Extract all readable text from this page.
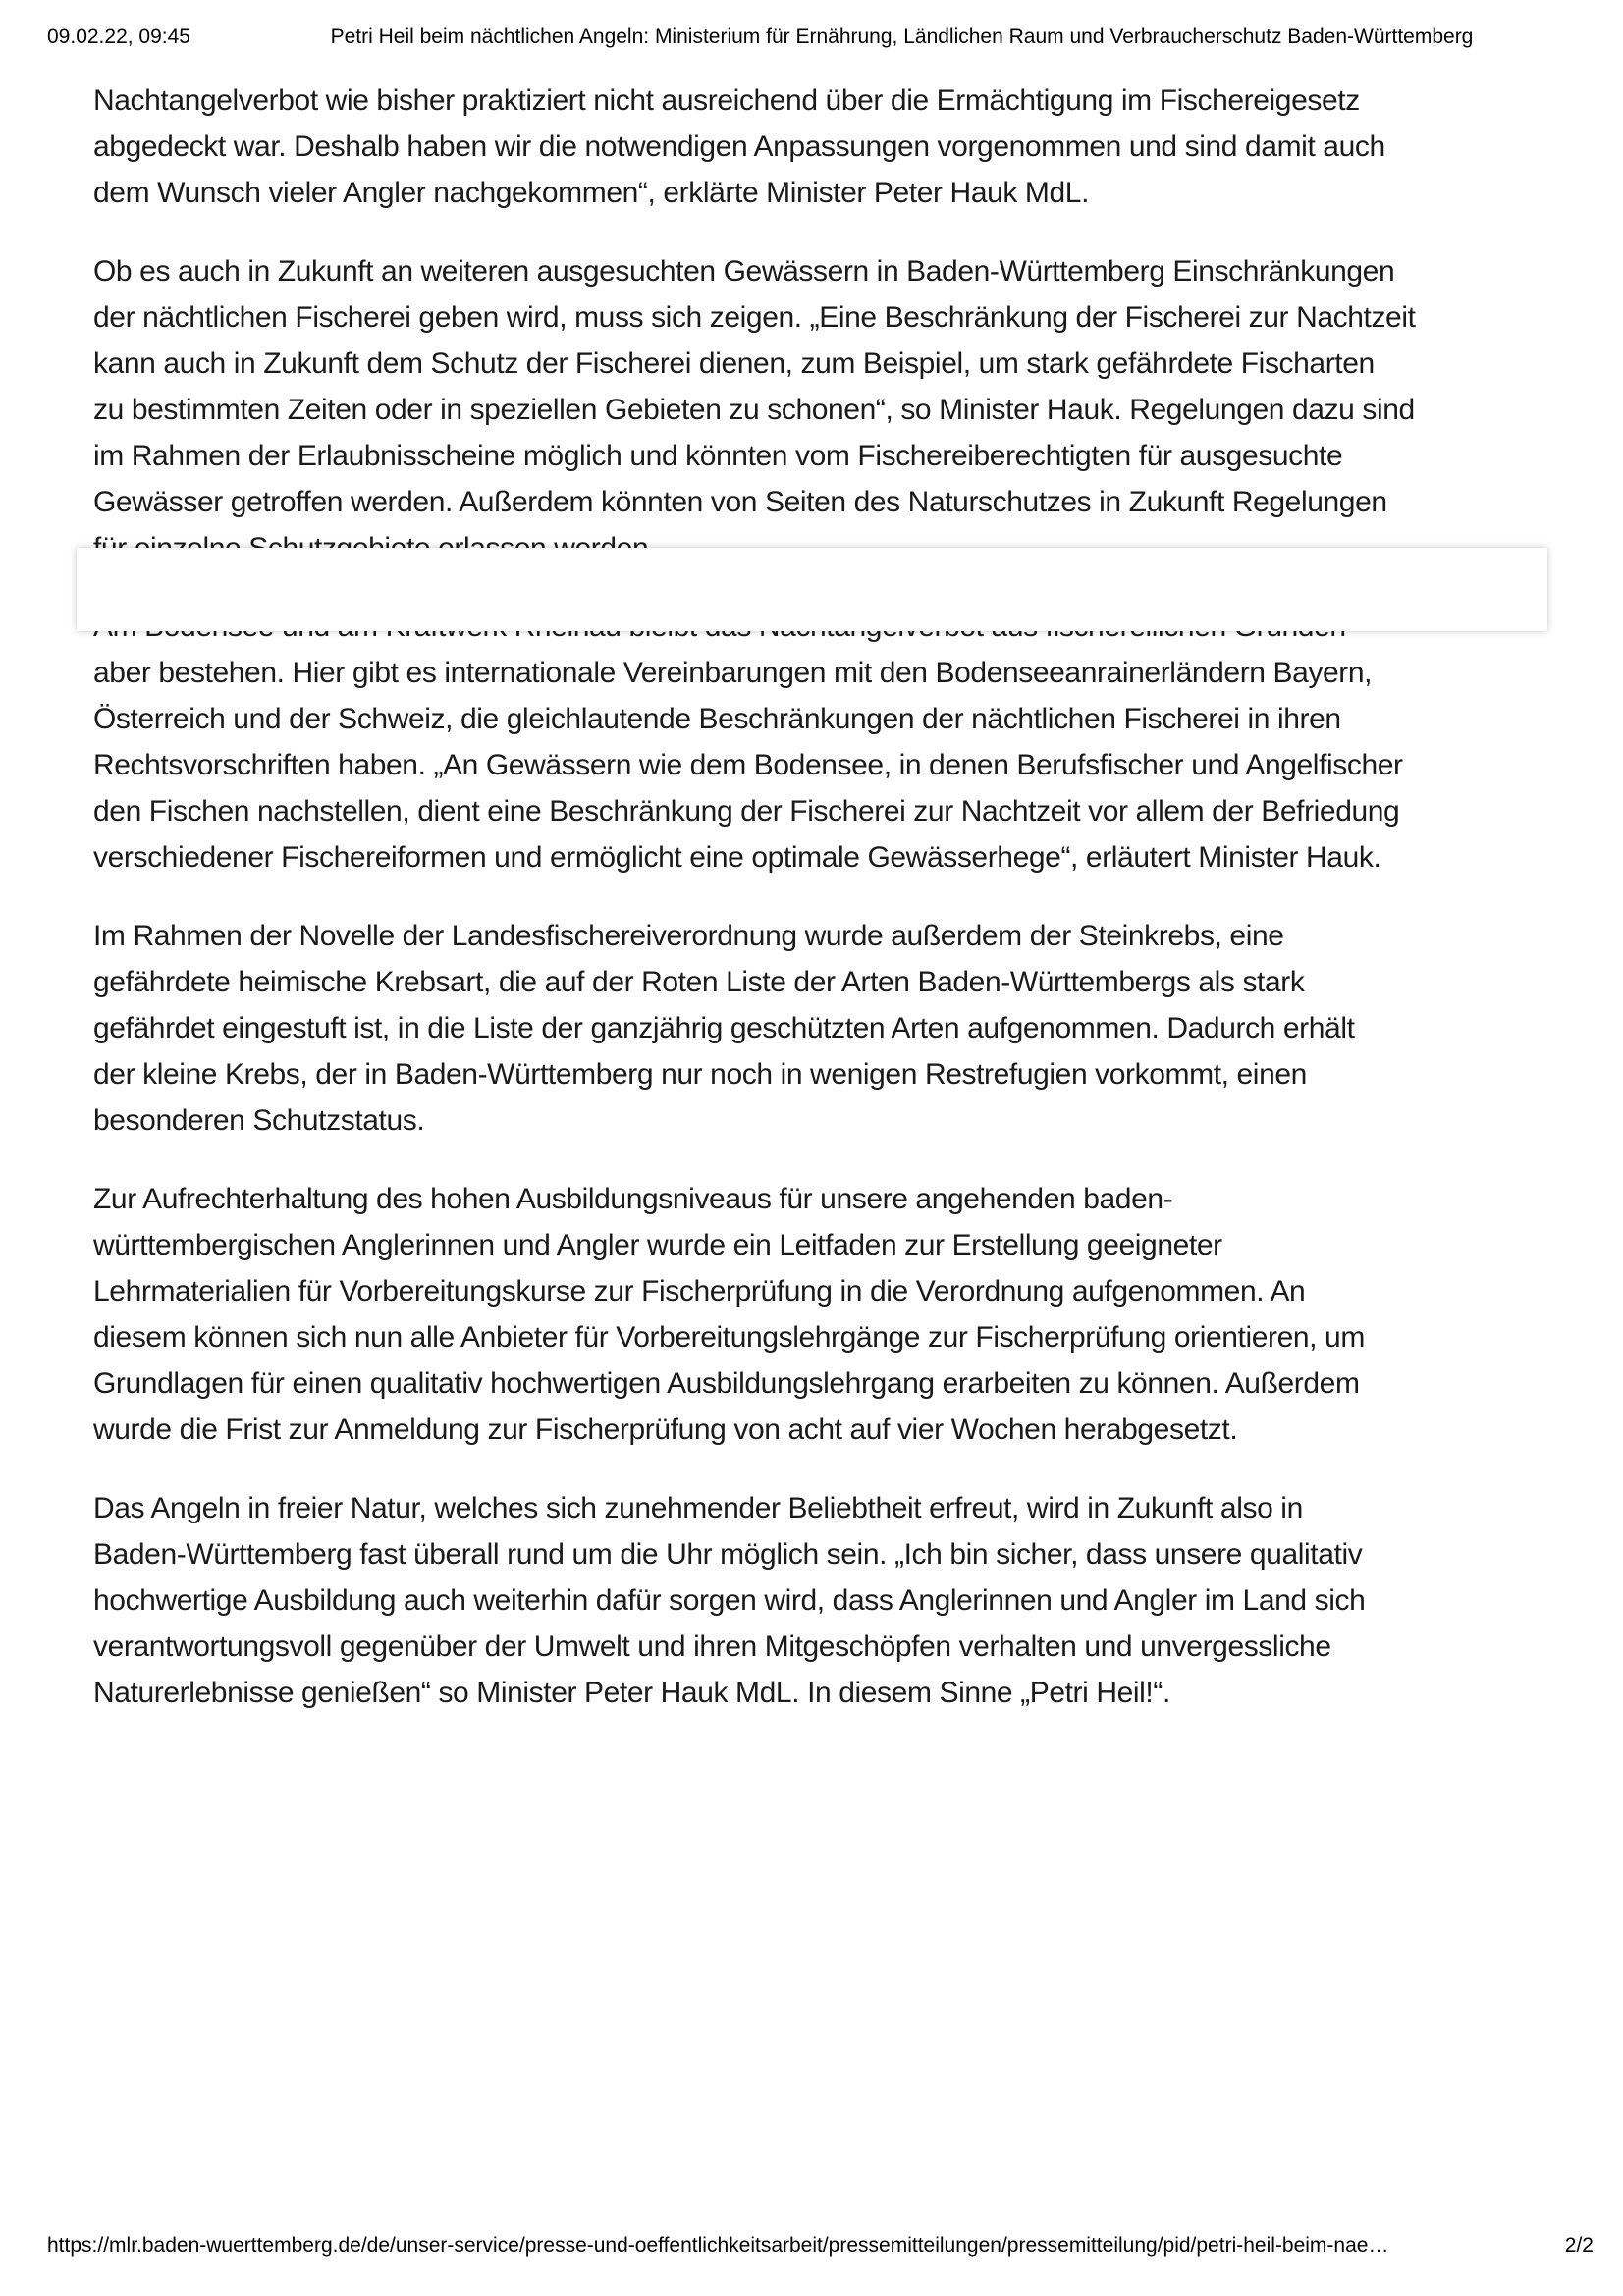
09.02.22, 09:45	Petri Heil beim nächtlichen Angeln: Ministerium für Ernährung, Ländlichen Raum und Verbraucherschutz Baden-Württemberg
Nachtangelverbot wie bisher praktiziert nicht ausreichend über die Ermächtigung im Fischereigesetz
abgedeckt war. Deshalb haben wir die notwendigen Anpassungen vorgenommen und sind damit auch
dem Wunsch vieler Angler nachgekommen“, erklärte Minister Peter Hauk MdL.
Ob es auch in Zukunft an weiteren ausgesuchten Gewässern in Baden-Württemberg Einschränkungen
der nächtlichen Fischerei geben wird, muss sich zeigen. „Eine Beschränkung der Fischerei zur Nachtzeit
kann auch in Zukunft dem Schutz der Fischerei dienen, zum Beispiel, um stark gefährdete Fischarten
zu bestimmten Zeiten oder in speziellen Gebieten zu schonen“, so Minister Hauk. Regelungen dazu sind
im Rahmen der Erlaubnisscheine möglich und könnten vom Fischereiberechtigten für ausgesuchte
Gewässer getroffen werden. Außerdem könnten von Seiten des Naturschutzes in Zukunft Regelungen
aber bestehen. Hier gibt es internationale Vereinbarungen mit den Bodenseeanrainerländern Bayern,
Österreich und der Schweiz, die gleichlautende Beschränkungen der nächtlichen Fischerei in ihren
Rechtsvorschriften haben. „An Gewässern wie dem Bodensee, in denen Berufsfischer und Angelfischer
den Fischen nachstellen, dient eine Beschränkung der Fischerei zur Nachtzeit vor allem der Befriedung
verschiedener Fischereiformen und ermöglicht eine optimale Gewässerhege“, erläutert Minister Hauk.
Im Rahmen der Novelle der Landesfischereiverordnung wurde außerdem der Steinkrebs, eine
gefährdete heimische Krebsart, die auf der Roten Liste der Arten Baden-Württembergs als stark
gefährdet eingestuft ist, in die Liste der ganzjährig geschützten Arten aufgenommen. Dadurch erhält
der kleine Krebs, der in Baden-Württemberg nur noch in wenigen Restrefugien vorkommt, einen
besonderen Schutzstatus.
Zur Aufrechterhaltung des hohen Ausbildungsniveaus für unsere angehenden baden-
württembergischen Anglerinnen und Angler wurde ein Leitfaden zur Erstellung geeigneter
Lehrmaterialien für Vorbereitungskurse zur Fischerprüfung in die Verordnung aufgenommen. An
diesem können sich nun alle Anbieter für Vorbereitungslehrgänge zur Fischerprüfung orientieren, um
Grundlagen für einen qualitativ hochwertigen Ausbildungslehrgang erarbeiten zu können. Außerdem
wurde die Frist zur Anmeldung zur Fischerprüfung von acht auf vier Wochen herabgesetzt.
Das Angeln in freier Natur, welches sich zunehmender Beliebtheit erfreut, wird in Zukunft also in
Baden-Württemberg fast überall rund um die Uhr möglich sein. „Ich bin sicher, dass unsere qualitativ
hochwertige Ausbildung auch weiterhin dafür sorgen wird, dass Anglerinnen und Angler im Land sich
verantwortungsvoll gegenüber der Umwelt und ihren Mitgeschöpfen verhalten und unvergessliche
Naturerlebnisse genießen“ so Minister Peter Hauk MdL. In diesem Sinne „Petri Heil!“.
https://mlr.baden-wuerttemberg.de/de/unser-service/presse-und-oeffentlichkeitsarbeit/pressemitteilungen/pressemitteilung/pid/petri-heil-beim-nae…	2/2
